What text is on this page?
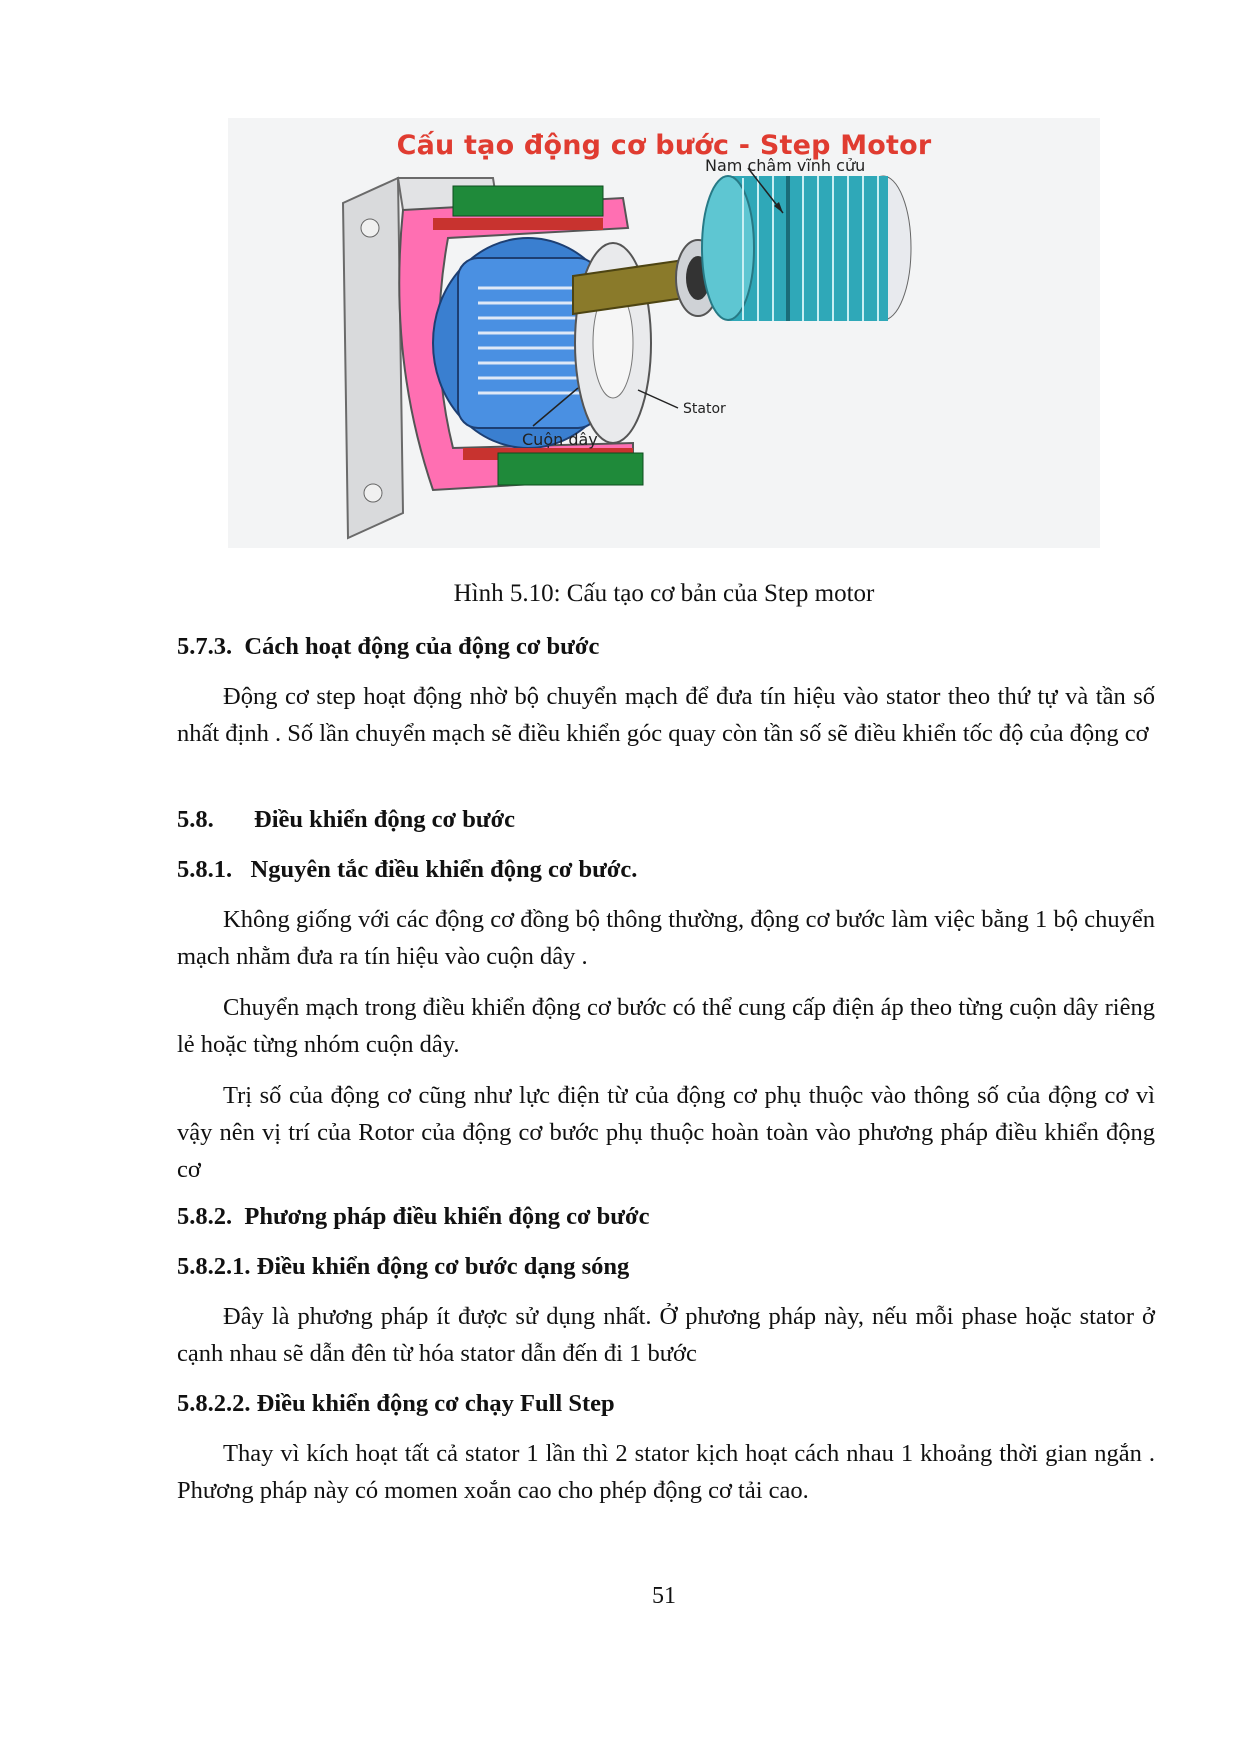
Cấu tạo động cơ bước - Step Motor
Nam châm vĩnh cửu
Stator
Cuộn dây
Hình 5.10: Cấu tạo cơ bản của Step motor
5.7.3. Cách hoạt động của động cơ bước
Động cơ step hoạt động nhờ bộ chuyển mạch để đưa tín hiệu vào stator theo thứ tự và tần số nhất định . Số lần chuyển mạch sẽ điều khiển góc quay còn tần số sẽ điều khiển tốc độ của động cơ
5.8. Điều khiển động cơ bước
5.8.1. Nguyên tắc điều khiển động cơ bước.
Không giống với các động cơ đồng bộ thông thường, động cơ bước làm việc bằng 1 bộ chuyển mạch nhằm đưa ra tín hiệu vào cuộn dây .
Chuyển mạch trong điều khiển động cơ bước có thể cung cấp điện áp theo từng cuộn dây riêng lẻ hoặc từng nhóm cuộn dây.
Trị số của động cơ cũng như lực điện từ của động cơ phụ thuộc vào thông số của động cơ vì vậy nên vị trí của Rotor của động cơ bước phụ thuộc hoàn toàn vào phương pháp điều khiển động cơ
5.8.2. Phương pháp điều khiển động cơ bước
5.8.2.1. Điều khiển động cơ bước dạng sóng
Đây là phương pháp ít được sử dụng nhất. Ở phương pháp này, nếu mỗi phase hoặc stator ở cạnh nhau sẽ dẫn đên từ hóa stator dẫn đến đi 1 bước
5.8.2.2. Điều khiển động cơ chạy Full Step
Thay vì kích hoạt tất cả stator 1 lần thì 2 stator kịch hoạt cách nhau 1 khoảng thời gian ngắn . Phương pháp này có momen xoắn cao cho phép động cơ tải cao.
51
